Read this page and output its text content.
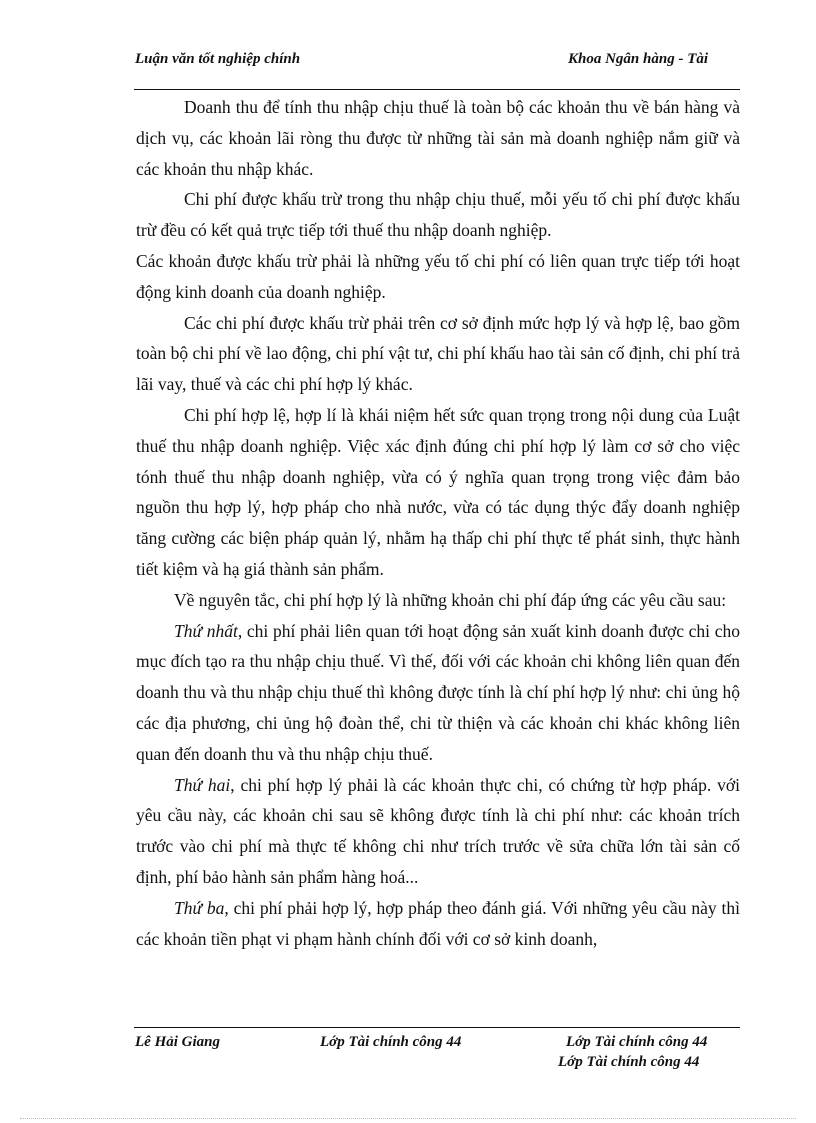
Luận văn tốt nghiệp chính	Khoa Ngân hàng - Tài

Doanh thu để tính thu nhập chịu thuế là toàn bộ các khoản thu về bán hàng và dịch vụ, các khoản lãi ròng thu được từ những tài sản mà doanh nghiệp nắm giữ và các khoản thu nhập khác.

Chi phí được khấu trừ trong thu nhập chịu thuế, mỗi yếu tố chi phí được khấu trừ đều có kết quả trực tiếp tới thuế thu nhập doanh nghiệp.

Các khoản được khấu trừ phải là những yếu tố chi phí có liên quan trực tiếp tới hoạt động kinh doanh của doanh nghiệp.

Các chi phí được khấu trừ phải trên cơ sở định mức hợp lý và hợp lệ, bao gồm toàn bộ chi phí về lao động, chi phí vật tư, chi phí khấu hao tài sản cố định, chi phí trả lãi vay, thuế và các chi phí hợp lý khác.

Chi phí hợp lệ, hợp lí là khái niệm hết sức quan trọng trong nội dung của Luật thuế thu nhập doanh nghiệp. Việc xác định đúng chi phí hợp lý làm cơ sở cho việc tónh thuế thu nhập doanh nghiệp, vừa có ý nghĩa quan trọng trong việc đảm bảo nguồn thu hợp lý, hợp pháp cho nhà nước, vừa có tác dụng thýc đẩy doanh nghiệp tăng cường các biện pháp quản lý, nhằm hạ thấp chi phí thực tế phát sinh, thực hành tiết kiệm và hạ giá thành sản phẩm.

Về nguyên tắc, chi phí hợp lý là những khoản chi phí đáp ứng các yêu cầu sau:

Thứ nhất, chi phí phải liên quan tới hoạt động sản xuất kinh doanh được chi cho mục đích tạo ra thu nhập chịu thuế. Vì thế, đối với các khoản chi không liên quan đến doanh thu và thu nhập chịu thuế thì không được tính là chí phí hợp lý như: chi ủng hộ các địa phương, chi ủng hộ đoàn thể, chi từ thiện và các khoản chi khác không liên quan đến doanh thu và thu nhập chịu thuế.

Thứ hai, chi phí hợp lý phải là các khoản thực chi, có chứng từ hợp pháp. với yêu cầu này, các khoản chi sau sẽ không được tính là chi phí như: các khoản trích trước vào chi phí mà thực tế không chi như trích trước về sửa chữa lớn tài sản cố định, phí bảo hành sản phẩm hàng hoá...

Thứ ba, chi phí phải hợp lý, hợp pháp theo đánh giá. Với những yêu cầu này thì các khoản tiền phạt vi phạm hành chính đối với cơ sở kinh doanh,

Lê Hải Giang	Lớp Tài chính công 44	Lớp Tài chính công 44
Lớp Tài chính công 44
